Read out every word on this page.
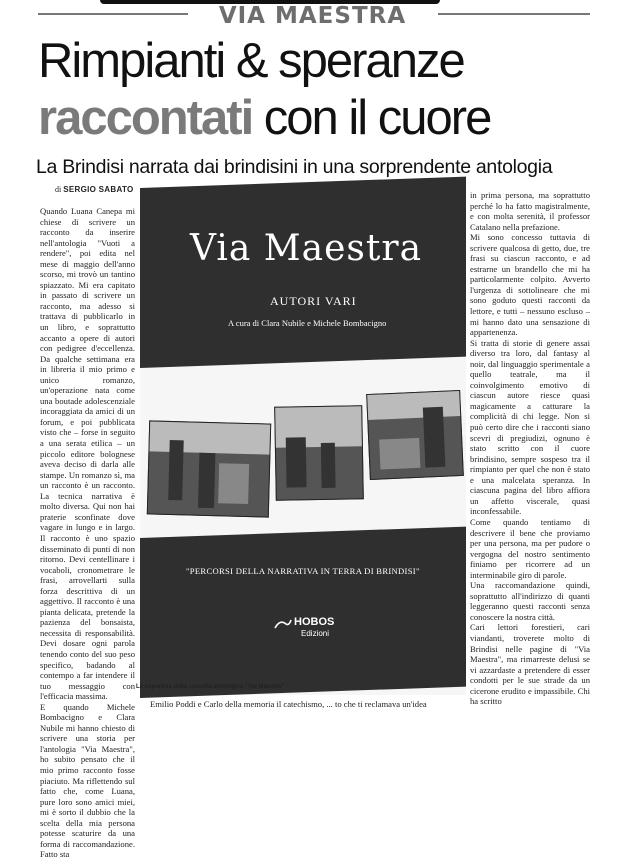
VIA MAESTRA
Rimpianti & speranze
raccontati con il cuore
La Brindisi narrata dai brindisini in una sorprendente antologia
di SERGIO SABATO

Quando Luana Canepa mi chiese di scrivere un racconto da inserire nell'antologia "Vuoti a rendere", poi edita nel mese di maggio dell'anno scorso, mi trovò un tantino spiazzato. Mi era capitato in passato di scrivere un racconto, ma adesso si trattava di pubblicarlo in un libro, e soprattutto accanto a opere di autori con pedigree d'eccellenza. Da qualche settimana era in libreria il mio primo e unico romanzo, un'operazione nata come una boutade adolescenziale incoraggiata da amici di un forum, e poi pubblicata visto che – forse in seguito a una serata etilica – un piccolo editore bolognese aveva deciso di darla alle stampe. Un romanzo sì, ma un racconto è un racconto. La tecnica narrativa è molto diversa. Qui non hai praterie sconfinate dove vagare in lungo e in largo. Il racconto è uno spazio disseminato di punti di non ritorno. Devi centellinare i vocaboli, cronometrare le frasi, arrovellarti sulla forza descrittiva di un aggettivo. Il racconto è una pianta delicata, pretende la pazienza del bonsaista, necessita di responsabilità. Devi dosare ogni parola tenendo conto del suo peso specifico, badando al contempo a far intendere il tuo messaggio con l'efficacia massima.

E quando Michele Bombacigno e Clara Nubile mi hanno chiesto di scrivere una storia per l'antologia "Via Maestra", ho subito pensato che il mio primo racconto fosse piaciuto. Ma riflettendo sul fatto che, come Luana, pure loro sono amici miei, mi è sorto il dubbio che la scelta della mia persona potesse scaturire da una forma di raccomandazione. Fatto sta

Via Maestra
AUTORI VARI
A cura di Clara Nubile e Michele Bombacigno
"PERCORSI DELLA NARRATIVA IN TERRA DI BRINDISI"
HOBOS
Edizioni
La copertina della raccolta antologica "Via Maestra"
Emilio Poddi e Carlo della memoria il catechismo, ... to che ti reclamava un'idea

in prima persona, ma soprattutto perché lo ha fatto magistralmente, e con molta serenità, il professor Catalano nella prefazione.

Mi sono concesso tuttavia di scrivere qualcosa di getto, due, tre frasi su ciascun racconto, e ad estrarne un brandello che mi ha particolarmente colpito. Avverto l'urgenza di sottolineare che mi sono goduto questi racconti da lettore, e tutti – nessuno escluso – mi hanno dato una sensazione di appartenenza.

Si tratta di storie di genere assai diverso tra loro, dal fantasy al noir, dal linguaggio sperimentale a quello teatrale, ma il coinvolgimento emotivo di ciascun autore riesce quasi magicamente a catturare la complicità di chi legge. Non si può certo dire che i racconti siano scevri di pregiudizi, ognuno è stato scritto con il cuore brindisino, sempre sospeso tra il rimpianto per quel che non è stato e una malcelata speranza. In ciascuna pagina del libro affiora un affetto viscerale, quasi inconfessabile.

Come quando tentiamo di descrivere il bene che proviamo per una persona, ma per pudore o vergogna del nostro sentimento finiamo per ricorrere ad un interminabile giro di parole.

Una raccomandazione quindi, soprattutto all'indirizzo di quanti leggeranno questi racconti senza conoscere la nostra città.

Cari lettori forestieri, cari viandanti, troverete molto di Brindisi nelle pagine di "Via Maestra", ma rimarreste delusi se vi azzardaste a pretendere di esser condotti per le sue strade da un cicerone erudito e impassibile. Chi ha scritto
